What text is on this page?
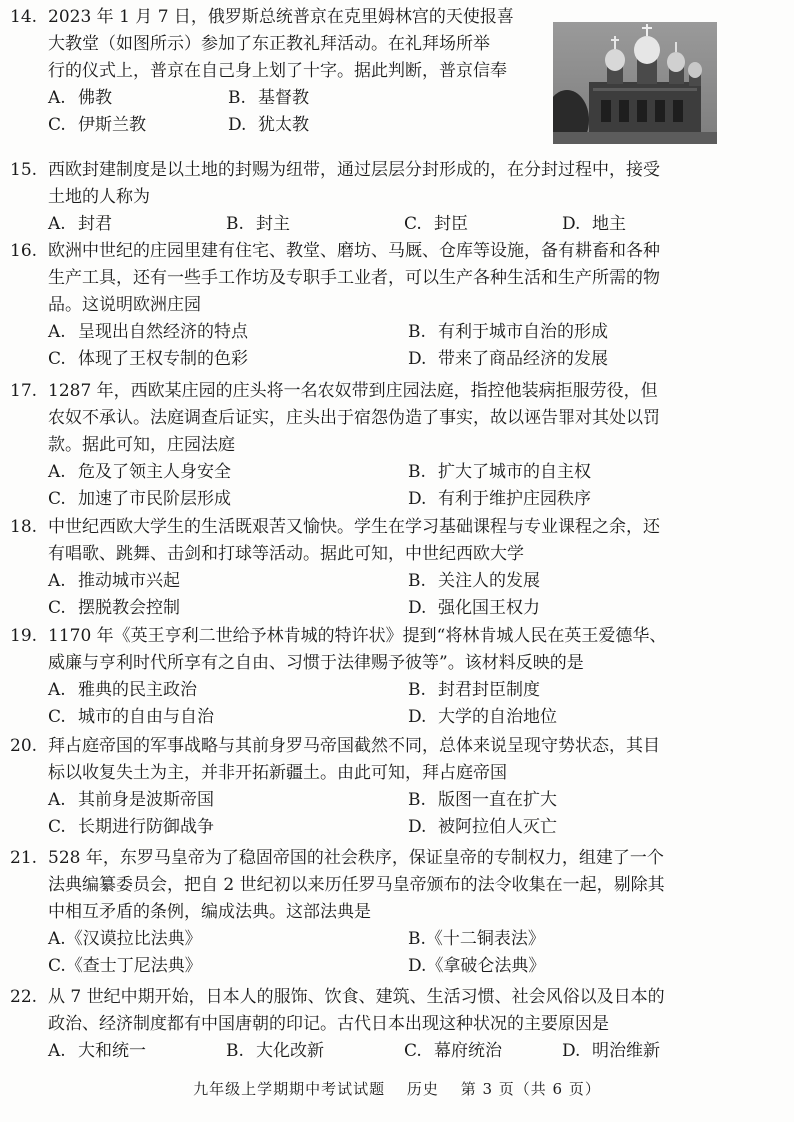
14. 2023 年 1 月 7 日，俄罗斯总统普京在克里姆林宫的天使报喜
大教堂（如图所示）参加了东正教礼拜活动。在礼拜场所举
行的仪式上，普京在自己身上划了十字。据此判断，普京信奉
A. 佛教	B. 基督教
C. 伊斯兰教	D. 犹太教
15. 西欧封建制度是以土地的封赐为纽带，通过层层分封形成的，在分封过程中，接受
土地的人称为
A. 封君	B. 封主	C. 封臣	D. 地主
16. 欧洲中世纪的庄园里建有住宅、教堂、磨坊、马厩、仓库等设施，备有耕畜和各种
生产工具，还有一些手工作坊及专职手工业者，可以生产各种生活和生产所需的物
品。这说明欧洲庄园
A. 呈现出自然经济的特点	B. 有利于城市自治的形成
C. 体现了王权专制的色彩	D. 带来了商品经济的发展
17. 1287 年，西欧某庄园的庄头将一名农奴带到庄园法庭，指控他装病拒服劳役，但
农奴不承认。法庭调查后证实，庄头出于宿怨伪造了事实，故以诬告罪对其处以罚
款。据此可知，庄园法庭
A. 危及了领主人身安全	B. 扩大了城市的自主权
C. 加速了市民阶层形成	D. 有利于维护庄园秩序
18. 中世纪西欧大学生的生活既艰苦又愉快。学生在学习基础课程与专业课程之余，还
有唱歌、跳舞、击剑和打球等活动。据此可知，中世纪西欧大学
A. 推动城市兴起	B. 关注人的发展
C. 摆脱教会控制	D. 强化国王权力
19. 1170 年《英王亨利二世给予林肯城的特许状》提到“将林肯城人民在英王爱德华、
威廉与亨利时代所享有之自由、习惯于法律赐予彼等”。该材料反映的是
A. 雅典的民主政治	B. 封君封臣制度
C. 城市的自由与自治	D. 大学的自治地位
20. 拜占庭帝国的军事战略与其前身罗马帝国截然不同，总体来说呈现守势状态，其目
标以收复失土为主，并非开拓新疆土。由此可知，拜占庭帝国
A. 其前身是波斯帝国	B. 版图一直在扩大
C. 长期进行防御战争	D. 被阿拉伯人灭亡
21. 528 年，东罗马皇帝为了稳固帝国的社会秩序，保证皇帝的专制权力，组建了一个
法典编纂委员会，把自 2 世纪初以来历任罗马皇帝颁布的法令收集在一起，剔除其
中相互矛盾的条例，编成法典。这部法典是
A.《汉谟拉比法典》	B.《十二铜表法》
C.《查士丁尼法典》	D.《拿破仑法典》
22. 从 7 世纪中期开始，日本人的服饰、饮食、建筑、生活习惯、社会风俗以及日本的
政治、经济制度都有中国唐朝的印记。古代日本出现这种状况的主要原因是
A. 大和统一	B. 大化改新	C. 幕府统治	D. 明治维新
九年级上学期期中考试试题 历史 第 3 页（共 6 页）
